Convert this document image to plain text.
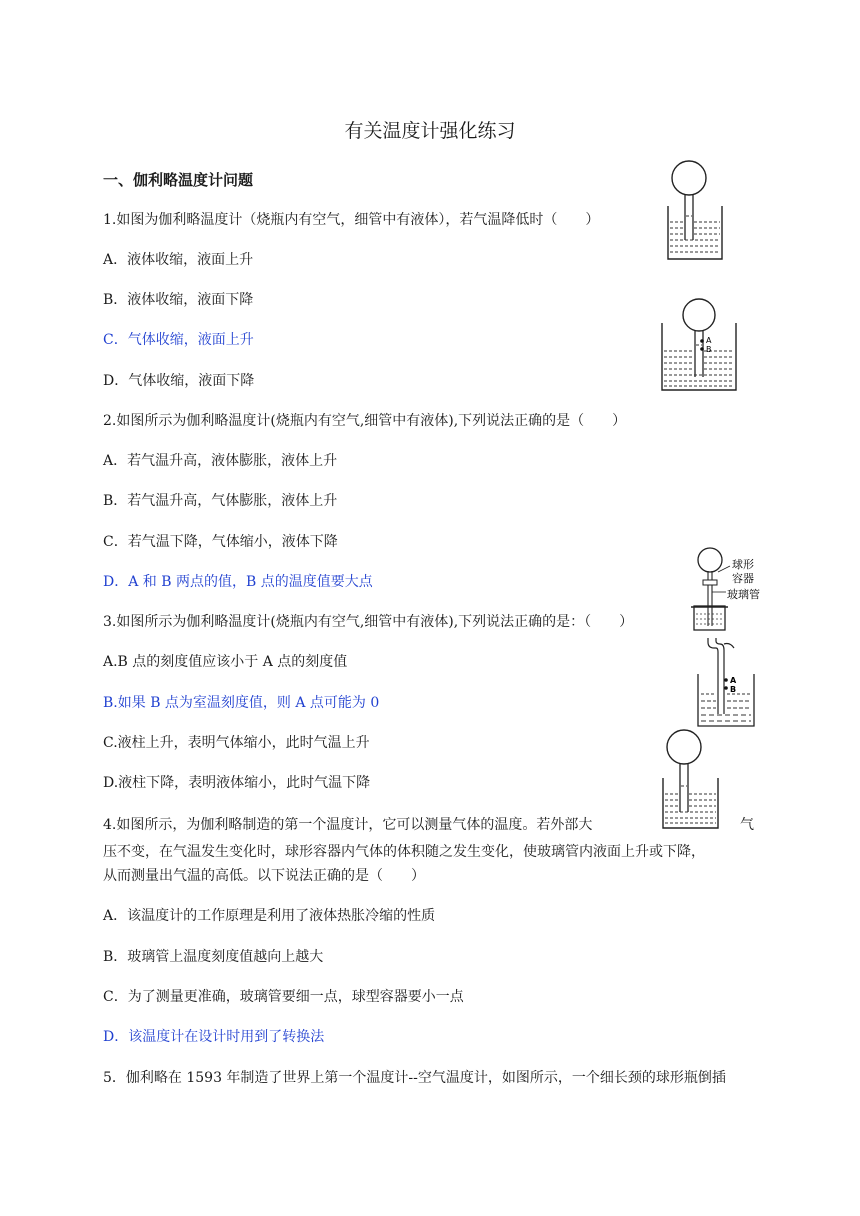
有关温度计强化练习
一、伽利略温度计问题
1.如图为伽利略温度计（烧瓶内有空气，细管中有液体），若气温降低时（　　）
A．液体收缩，液面上升
B．液体收缩，液面下降
C．气体收缩，液面上升
D．气体收缩，液面下降
2.如图所示为伽利略温度计(烧瓶内有空气,细管中有液体),下列说法正确的是（　　）
A．若气温升高，液体膨胀，液体上升
B．若气温升高，气体膨胀，液体上升
C．若气温下降，气体缩小，液体下降
D．A 和 B 两点的值，B 点的温度值要大点
3.如图所示为伽利略温度计(烧瓶内有空气,细管中有液体),下列说法正确的是：（　　）
A.B 点的刻度值应该小于 A 点的刻度值
B.如果 B 点为室温刻度值，则 A 点可能为 0
C.液柱上升，表明气体缩小，此时气温上升
D.液柱下降，表明液体缩小，此时气温下降
4.如图所示，为伽利略制造的第一个温度计，它可以测量气体的温度。若外部大	气
压不变，在气温发生变化时，球形容器内气体的体积随之发生变化，使玻璃管内液面上升或下降，
从而测量出气温的高低。以下说法正确的是（　　）
A．该温度计的工作原理是利用了液体热胀冷缩的性质
B．玻璃管上温度刻度值越向上越大
C．为了测量更准确，玻璃管要细一点，球型容器要小一点
D．该温度计在设计时用到了转换法
5．伽利略在 1593 年制造了世界上第一个温度计--空气温度计，如图所示，一个细长颈的球形瓶倒插
A
B
球形
容器
玻璃管
A
B
